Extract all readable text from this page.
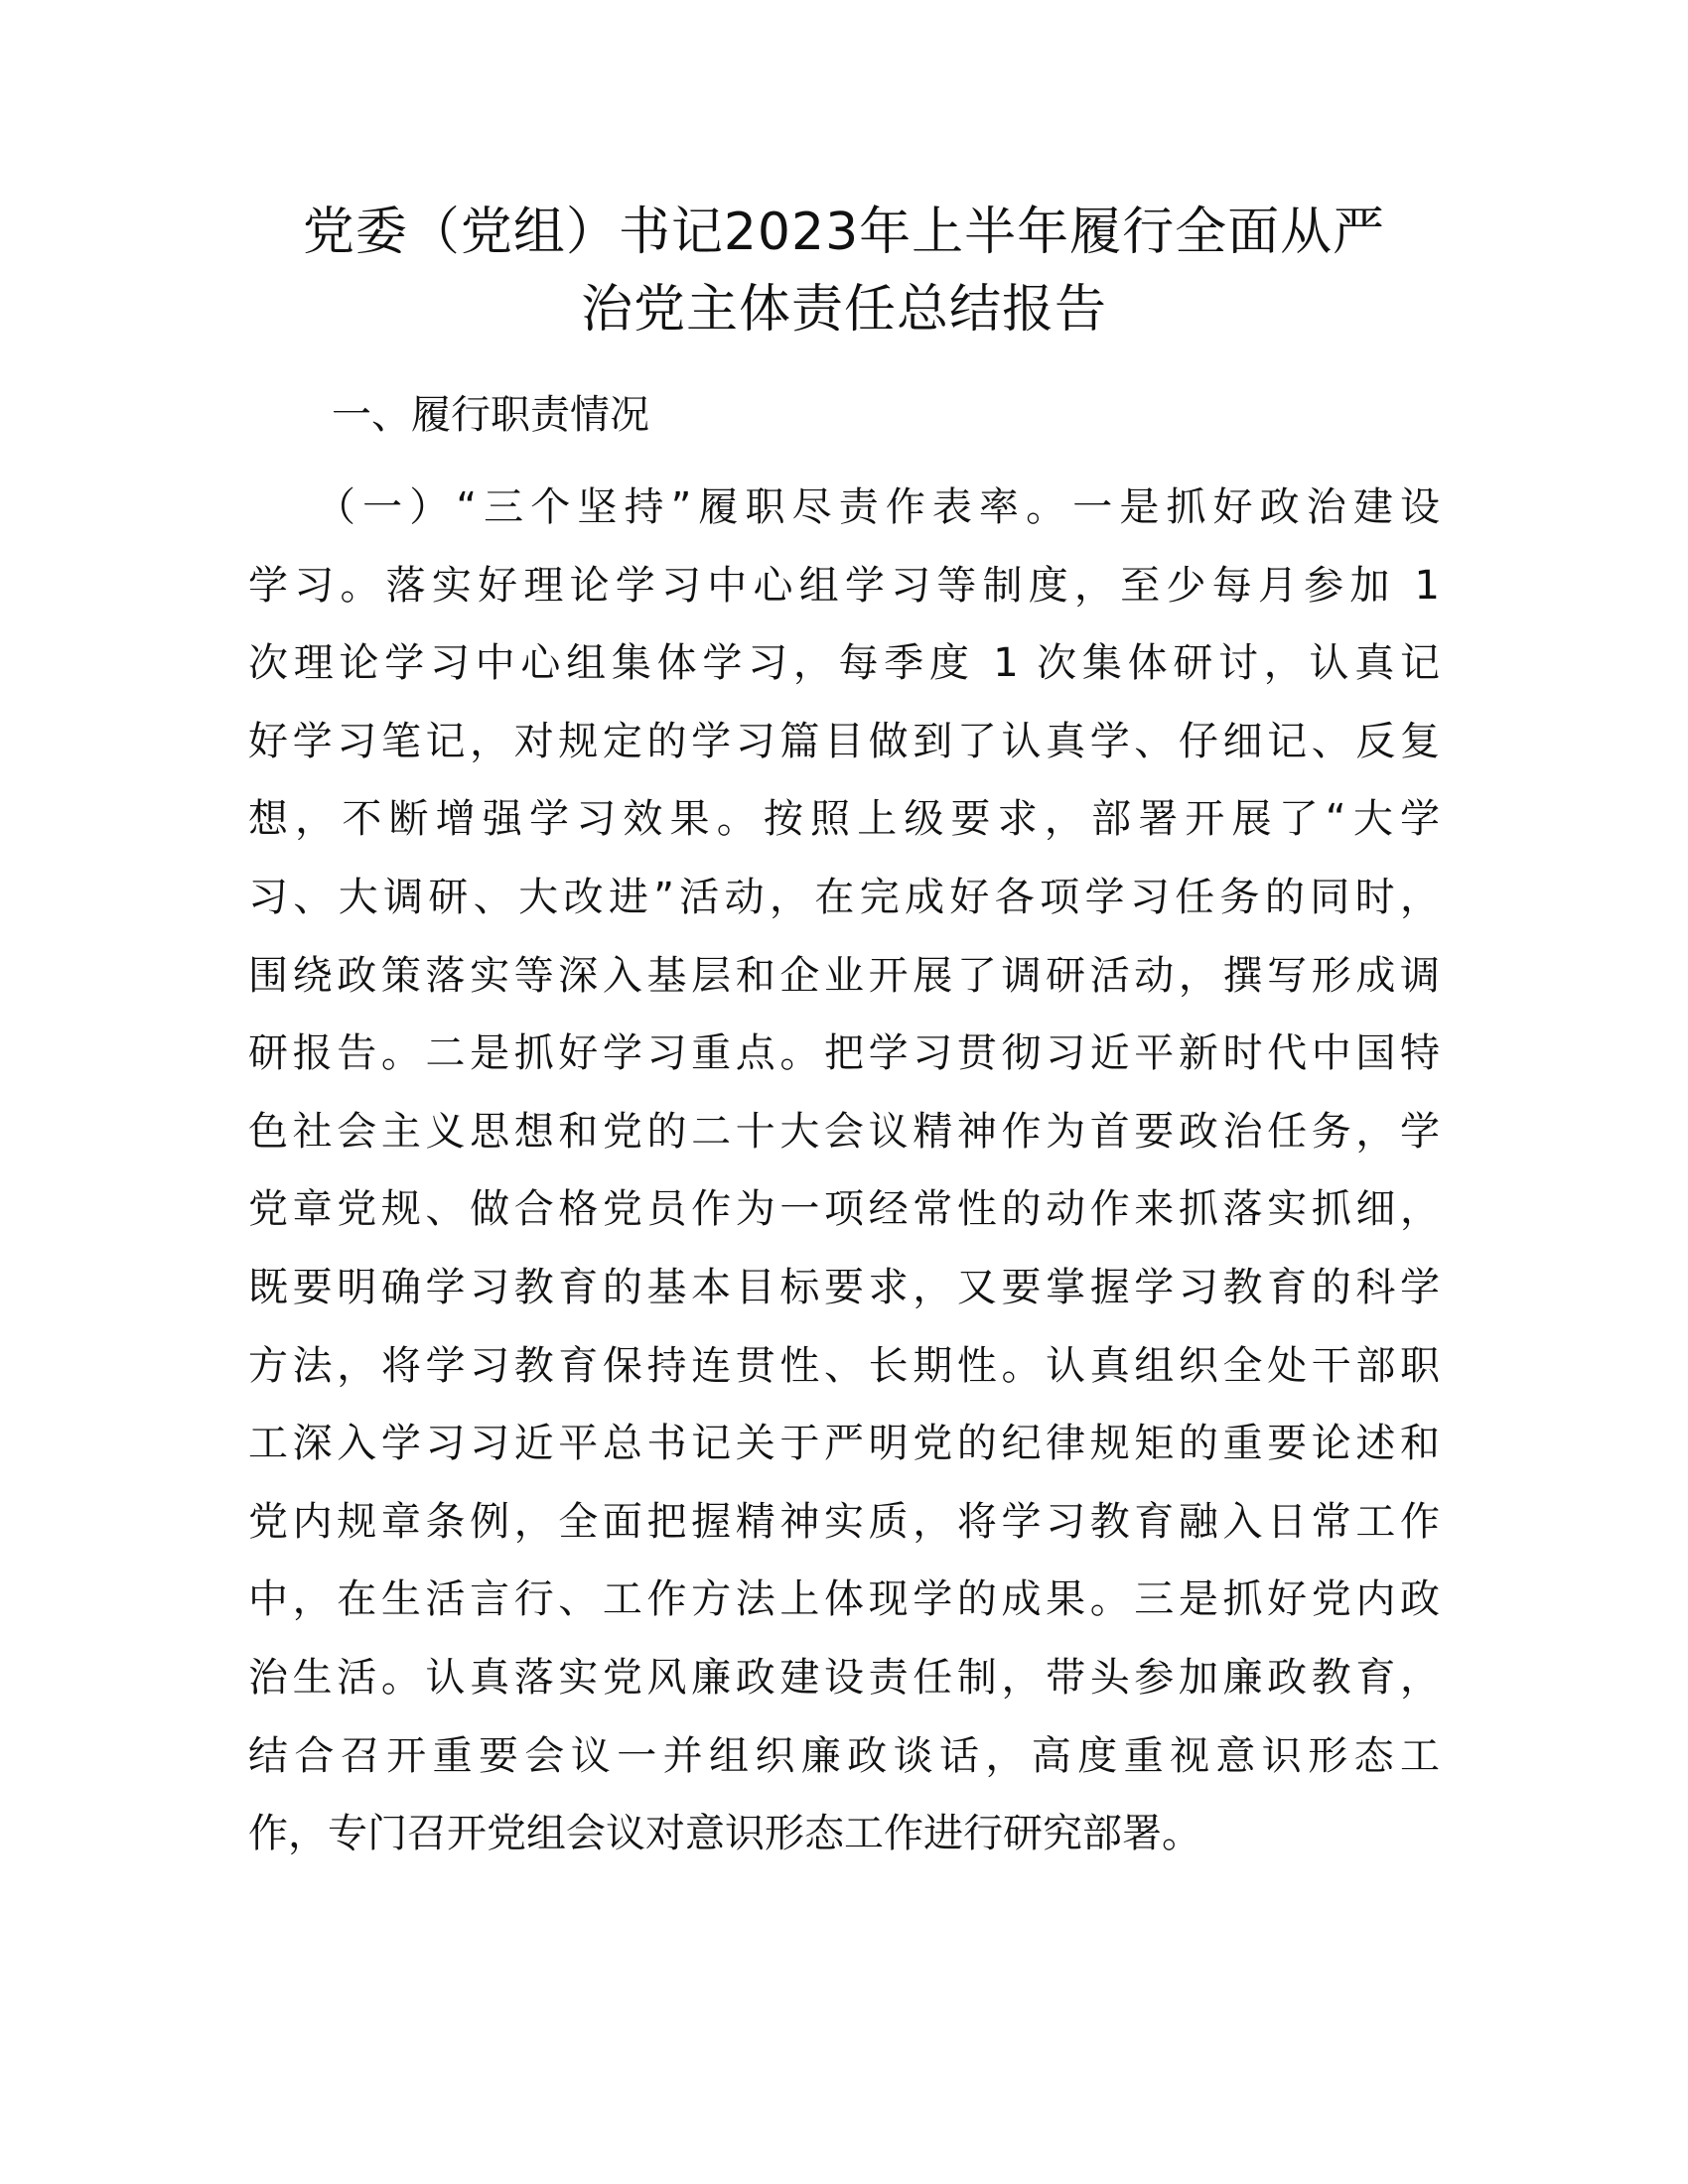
党委（党组）书记2023年上半年履行全面从严
治党主体责任总结报告
一、履行职责情况
（一）“三个坚持”履职尽责作表率。一是抓好政治建设
学习。落实好理论学习中心组学习等制度，至少每月参加 1
次理论学习中心组集体学习，每季度 1 次集体研讨，认真记
好学习笔记，对规定的学习篇目做到了认真学、仔细记、反复
想，不断增强学习效果。按照上级要求，部署开展了“大学
习、大调研、大改进”活动，在完成好各项学习任务的同时，
围绕政策落实等深入基层和企业开展了调研活动，撰写形成调
研报告。二是抓好学习重点。把学习贯彻习近平新时代中国特
色社会主义思想和党的二十大会议精神作为首要政治任务，学
党章党规、做合格党员作为一项经常性的动作来抓落实抓细，
既要明确学习教育的基本目标要求，又要掌握学习教育的科学
方法，将学习教育保持连贯性、长期性。认真组织全处干部职
工深入学习习近平总书记关于严明党的纪律规矩的重要论述和
党内规章条例，全面把握精神实质，将学习教育融入日常工作
中，在生活言行、工作方法上体现学的成果。三是抓好党内政
治生活。认真落实党风廉政建设责任制，带头参加廉政教育，
结合召开重要会议一并组织廉政谈话，高度重视意识形态工
作，专门召开党组会议对意识形态工作进行研究部署。
